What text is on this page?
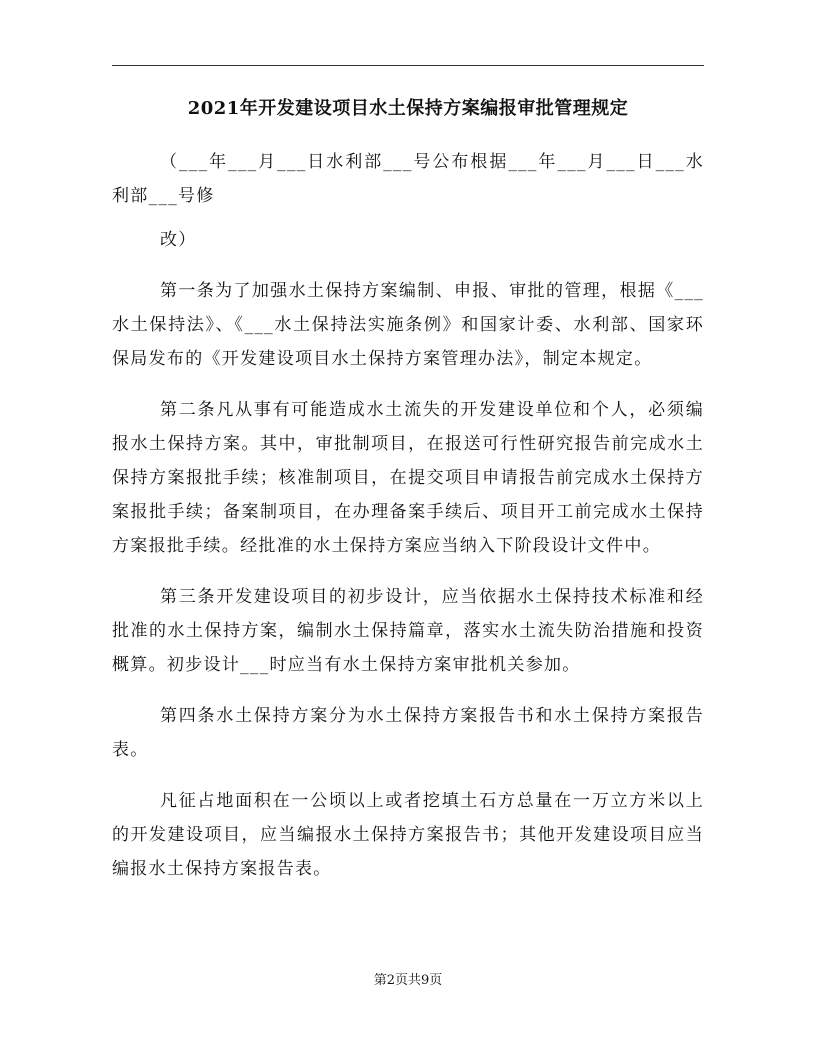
2021年开发建设项目水土保持方案编报审批管理规定

（___年___月___日水利部___号公布根据___年___月___日___水利部___号修

改）

第一条为了加强水土保持方案编制、申报、审批的管理，根据《___水土保持法》、《___水土保持法实施条例》和国家计委、水利部、国家环保局发布的《开发建设项目水土保持方案管理办法》，制定本规定。

第二条凡从事有可能造成水土流失的开发建设单位和个人，必须编报水土保持方案。其中，审批制项目，在报送可行性研究报告前完成水土保持方案报批手续；核准制项目，在提交项目申请报告前完成水土保持方案报批手续；备案制项目，在办理备案手续后、项目开工前完成水土保持方案报批手续。经批准的水土保持方案应当纳入下阶段设计文件中。

第三条开发建设项目的初步设计，应当依据水土保持技术标准和经批准的水土保持方案，编制水土保持篇章，落实水土流失防治措施和投资概算。初步设计___时应当有水土保持方案审批机关参加。

第四条水土保持方案分为水土保持方案报告书和水土保持方案报告表。

凡征占地面积在一公顷以上或者挖填土石方总量在一万立方米以上的开发建设项目，应当编报水土保持方案报告书；其他开发建设项目应当编报水土保持方案报告表。

第2页共9页
